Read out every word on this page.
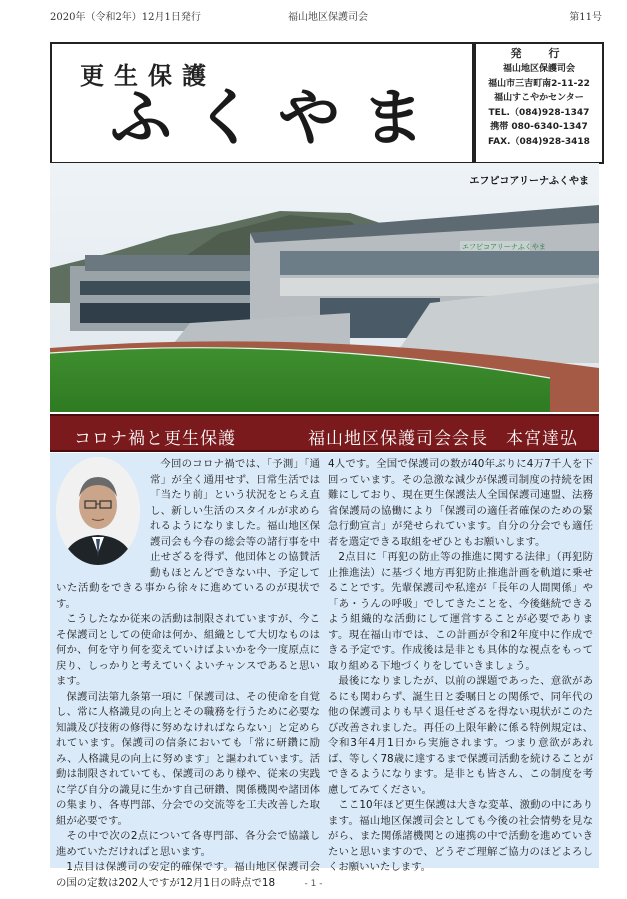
2020年（令和2年）12月1日発行	福山地区保護司会	第11号
更生保護
ふくやま
発　行
福山地区保護司会
福山市三吉町南2-11-22
福山すこやかセンター
TEL.（084)928-1347
携帯 080-6340-1347
FAX.（084)928-3418
エフピコアリーナふくやま
エフピコアリーナふくやま
コロナ禍と更生保護	福山地区保護司会会長　本宮達弘

今回のコロナ禍では、「予測」「通常」が全く通用せず、日常生活では「当たり前」という状況をとらえ直し、新しい生活のスタイルが求められるようになりました。福山地区保護司会も今春の総会等の諸行事を中止せざるを得ず、他団体との協賛活動もほとんどできない中、予定していた活動をできる事から徐々に進めているのが現状です。

こうしたなか従来の活動は制限されていますが、今こそ保護司としての使命は何か、組織として大切なものは何か、何を守り何を変えていけばよいかを今一度原点に戻り、しっかりと考えていくよいチャンスであると思います。

保護司法第九条第一項に「保護司は、その使命を自覚し、常に人格識見の向上とその職務を行うために必要な知識及び技術の修得に努めなければならない」と定められています。保護司の信条においても「常に研鑽に励み、人格識見の向上に努めます」と謳われています。活動は制限されていても、保護司のあり様や、従来の実践に学び自分の識見に生かす自己研鑽、関係機関や諸団体の集まり、各専門部、分会での交流等を工夫改善した取組が必要です。

その中で次の2点について各専門部、各分会で協議し進めていただければと思います。

1点目は保護司の安定的確保です。福山地区保護司会の国の定数は202人ですが12月1日の時点で18

4人です。全国で保護司の数が40年ぶりに4万7千人を下回っています。その急激な減少が保護司制度の持続を困難にしており、現在更生保護法人全国保護司連盟、法務省保護局の協働により「保護司の適任者確保のための緊急行動宣言」が発せられています。自分の分会でも適任者を選定できる取組をぜひともお願いします。

2点目に「再犯の防止等の推進に関する法律」（再犯防止推進法）に基づく地方再犯防止推進計画を軌道に乗せることです。先輩保護司や私達が「長年の人間関係」や「あ・うんの呼吸」でしてきたことを、今後継続できるよう組織的な活動にして運営することが必要であります。現在福山市では、この計画が令和2年度中に作成できる予定です。作成後は是非とも具体的な視点をもって取り組める下地づくりをしていきましょう。

最後になりましたが、以前の課題であった、意欲があるにも関わらず、誕生日と委嘱日との関係で、同年代の他の保護司よりも早く退任せざるを得ない現状がこのたび改善されました。再任の上限年齢に係る特例規定は、令和3年4月1日から実施されます。つまり意欲があれば、等しく78歳に達するまで保護司活動を続けることができるようになります。是非とも皆さん、この制度を考慮してみてください。

ここ10年ほど更生保護は大きな変革、激動の中にあります。福山地区保護司会としても今後の社会情勢を見ながら、また関係諸機関との連携の中で活動を進めていきたいと思いますので、どうぞご理解ご協力のほどよろしくお願いいたします。

- 1 -
